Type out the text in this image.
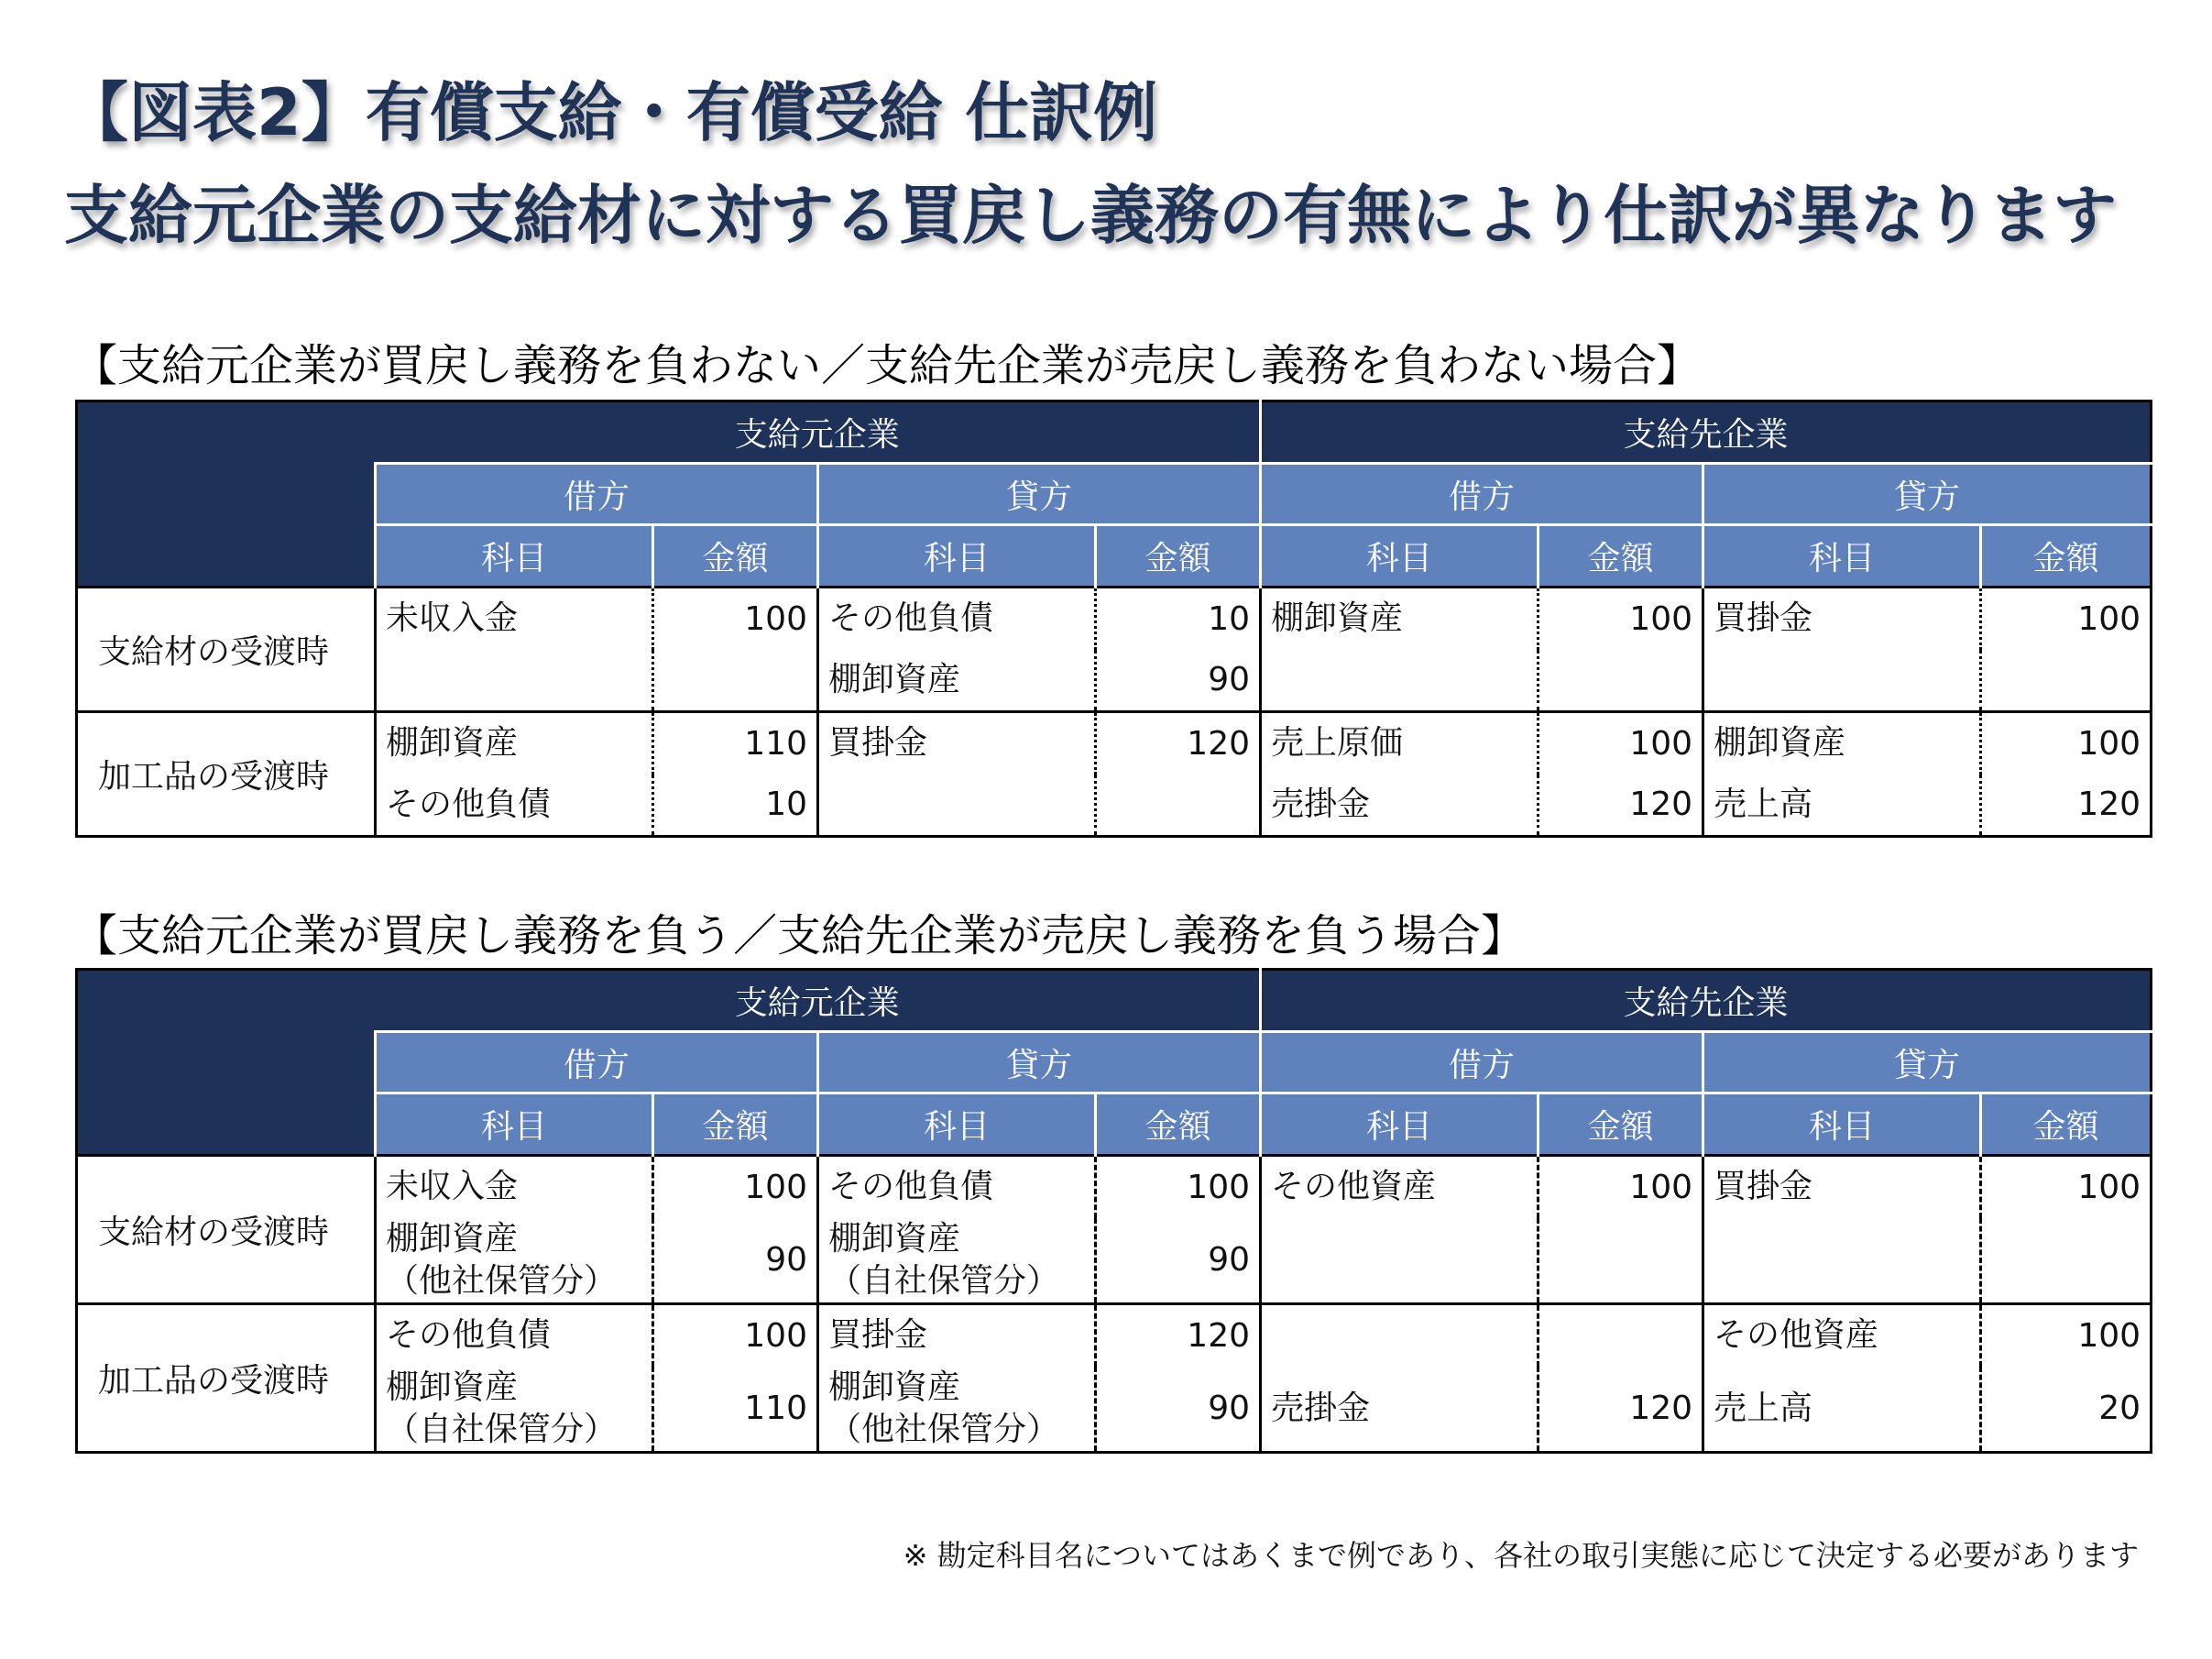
【図表2】有償支給・有償受給 仕訳例
支給元企業の支給材に対する買戻し義務の有無により仕訳が異なります
【支給元企業が買戻し義務を負わない／支給先企業が売戻し義務を負わない場合】
	支給元企業				支給先企業			
	借方		貸方		借方		貸方	
	科目	金額	科目	金額	科目	金額	科目	金額
支給材の受渡時	未収入金	100	その他負債	10	棚卸資産	100	買掛金	100
			棚卸資産	90				
加工品の受渡時	棚卸資産	110	買掛金	120	売上原価	100	棚卸資産	100
	その他負債	10			売掛金	120	売上高	120
【支給元企業が買戻し義務を負う／支給先企業が売戻し義務を負う場合】
	支給元企業				支給先企業			
	借方		貸方		借方		貸方	
	科目	金額	科目	金額	科目	金額	科目	金額
支給材の受渡時	未収入金	100	その他負債	100	その他資産	100	買掛金	100

	棚卸資産
（他社保管分）	90	棚卸資産
（自社保管分）	90	

加工品の受渡時	その他負債	100	買掛金	120			その他資産	100

	棚卸資産
（自社保管分）	110	棚卸資産
（他社保管分）	90	売掛金	120	売上高	20
※ 勘定科目名についてはあくまで例であり、各社の取引実態に応じて決定する必要があります
